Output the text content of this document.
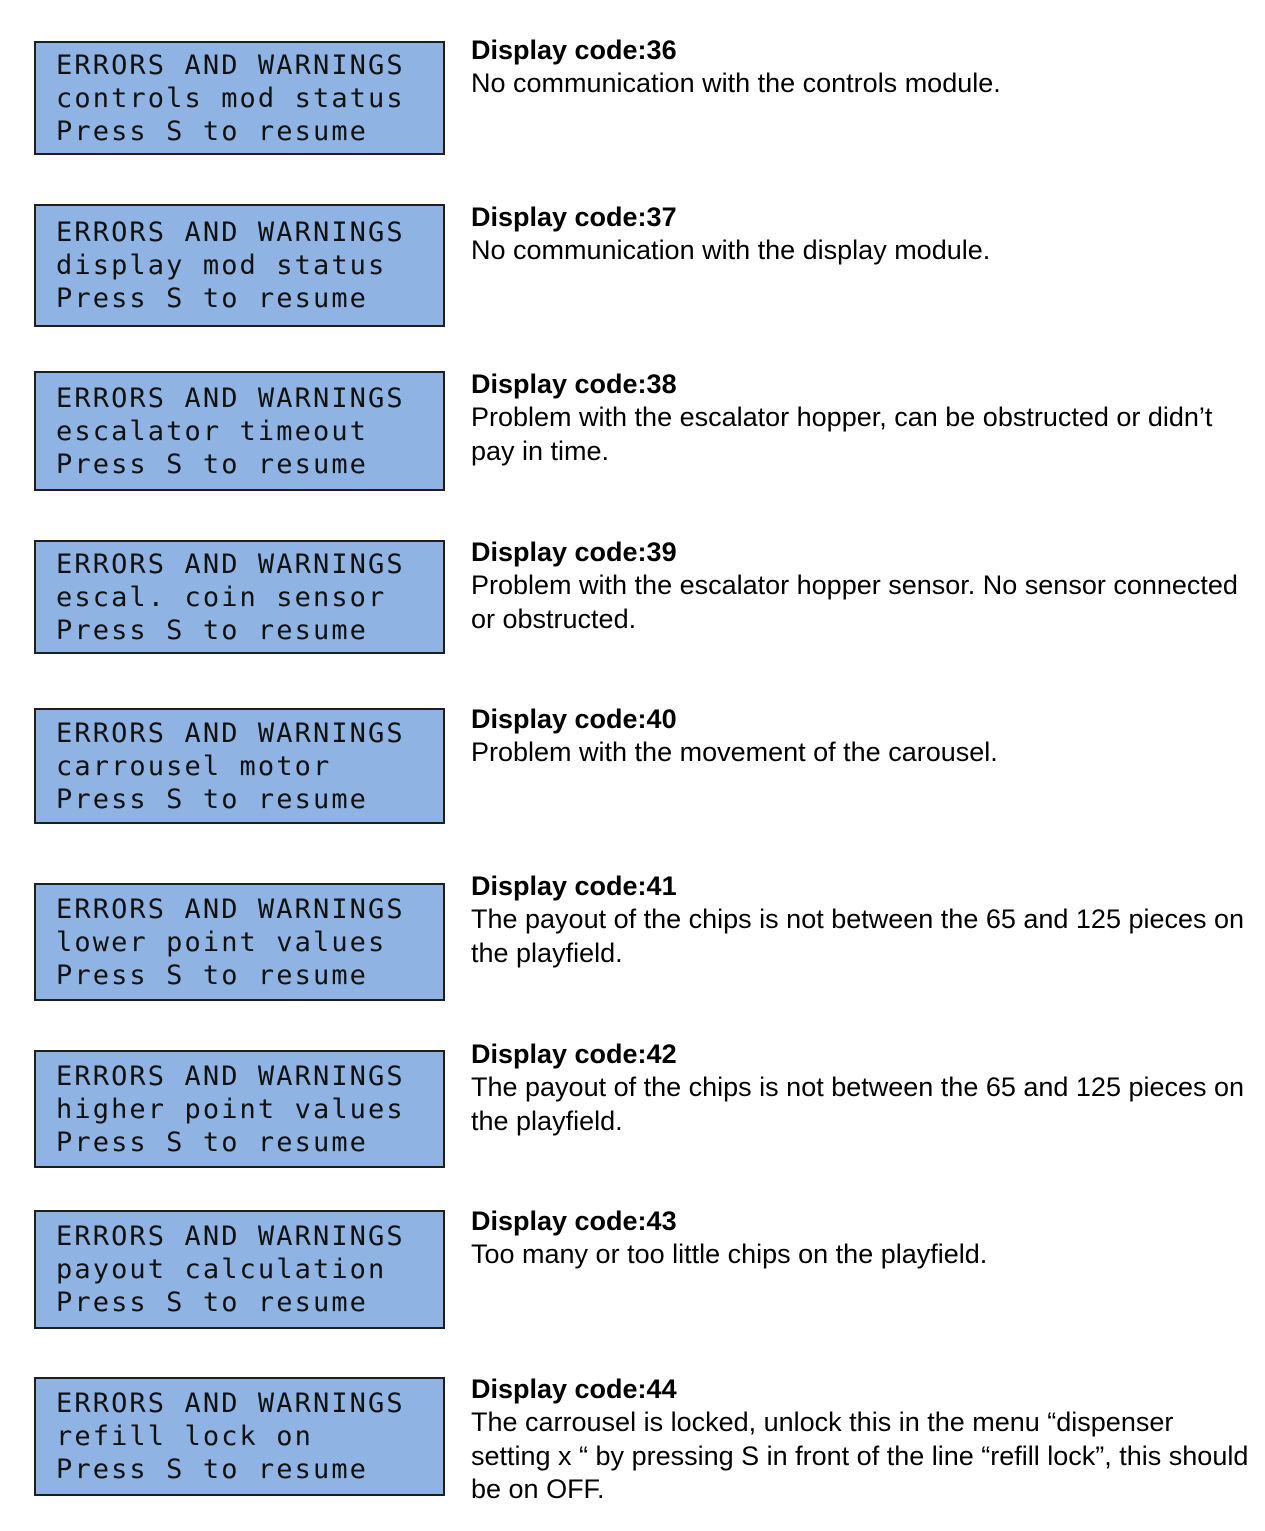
ERRORS AND WARNINGS
controls mod status
Press S to resume
Display code:36
No communication with the controls module.
ERRORS AND WARNINGS
display mod status
Press S to resume
Display code:37
No communication with the display module.
ERRORS AND WARNINGS
escalator timeout
Press S to resume
Display code:38
Problem with the escalator hopper, can be obstructed or didn’t pay in time.
ERRORS AND WARNINGS
escal. coin sensor
Press S to resume
Display code:39
Problem with the escalator hopper sensor. No sensor connected or obstructed.
ERRORS AND WARNINGS
carrousel motor
Press S to resume
Display code:40
Problem with the movement of the carousel.
ERRORS AND WARNINGS
lower point values
Press S to resume
Display code:41
The payout of the chips is not between the 65 and 125 pieces on the playfield.
ERRORS AND WARNINGS
higher point values
Press S to resume
Display code:42
The payout of the chips is not between the 65 and 125 pieces on the playfield.
ERRORS AND WARNINGS
payout calculation
Press S to resume
Display code:43
Too many or too little chips on the playfield.
ERRORS AND WARNINGS
refill lock on
Press S to resume
Display code:44
The carrousel is locked, unlock this in the menu “dispenser setting x “ by pressing S in front of the line “refill lock”, this should be on OFF.
